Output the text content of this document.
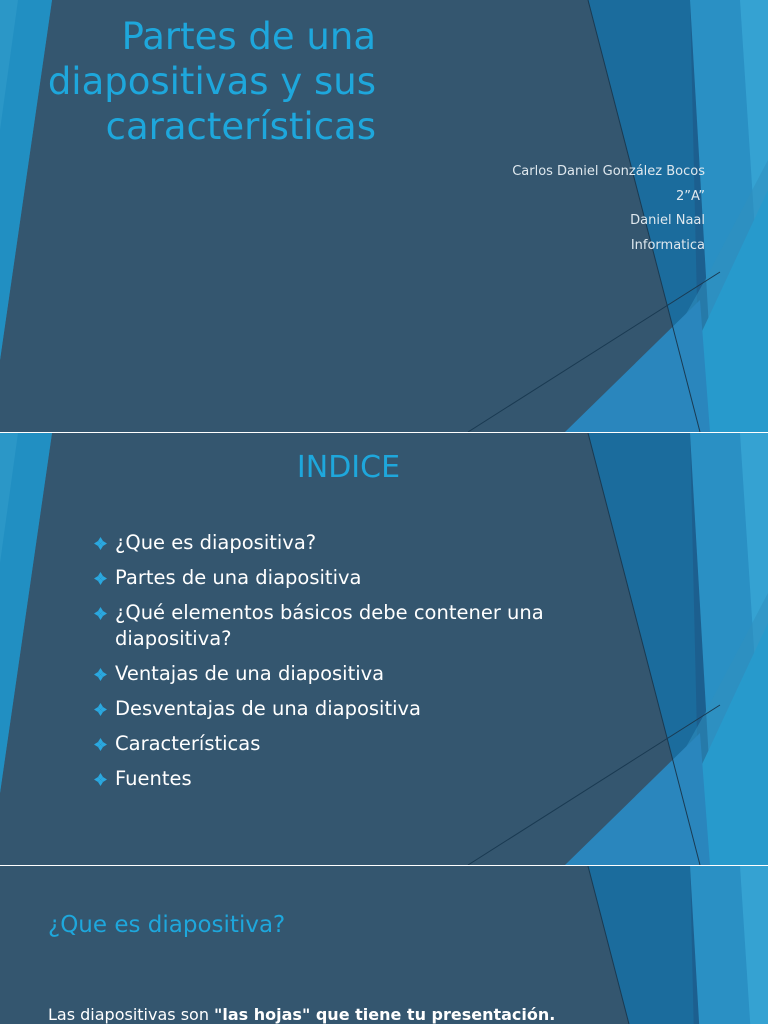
Partes de una
diapositivas y sus
características
Carlos Daniel González Bocos
2”A”
Daniel Naal
Informatica
INDICE
¿Que es diapositiva?
Partes de una diapositiva
¿Qué elementos básicos debe contener una diapositiva?
Ventajas de una diapositiva
Desventajas de una diapositiva
Características
Fuentes
¿Que es diapositiva?
Las diapositivas son "las hojas" que tiene tu presentación.
